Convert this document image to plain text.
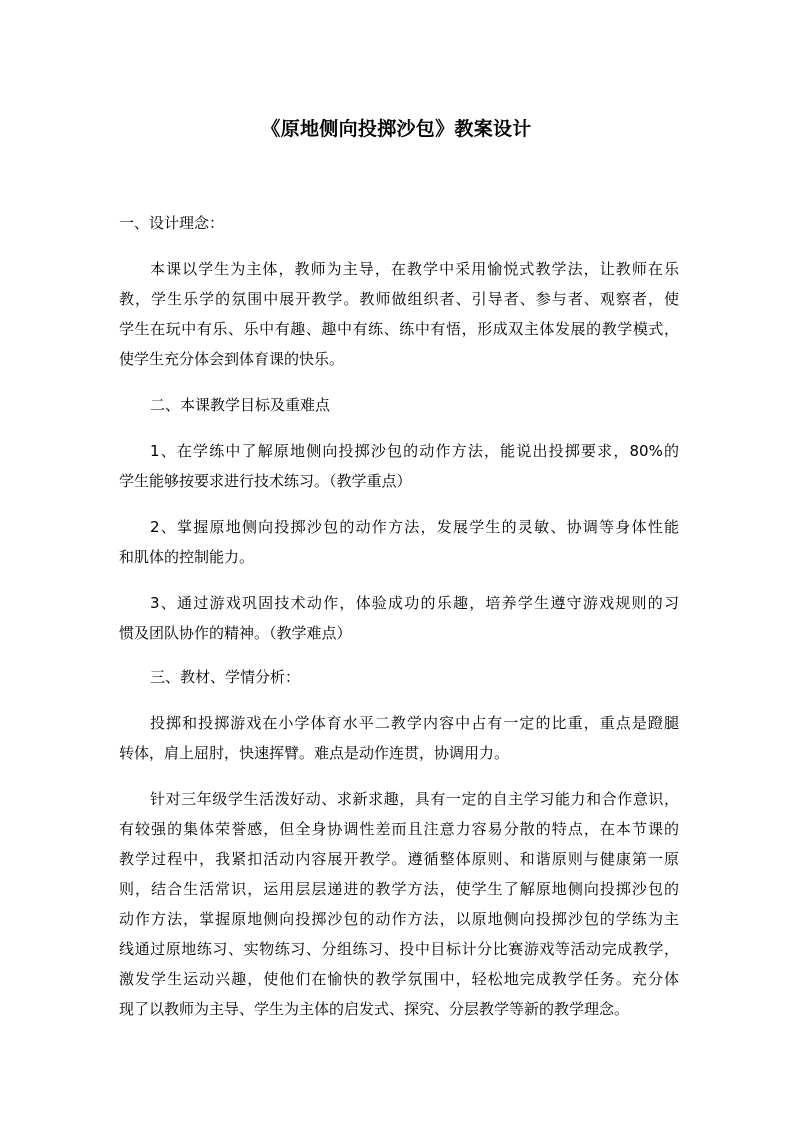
《原地侧向投掷沙包》教案设计
一、设计理念：
本课以学生为主体，教师为主导，在教学中采用愉悦式教学法，让教师在乐
教，学生乐学的氛围中展开教学。教师做组织者、引导者、参与者、观察者，使
学生在玩中有乐、乐中有趣、趣中有练、练中有悟，形成双主体发展的教学模式，
使学生充分体会到体育课的快乐。
二、本课教学目标及重难点
1、在学练中了解原地侧向投掷沙包的动作方法，能说出投掷要求，80%的
学生能够按要求进行技术练习。（教学重点）
2、掌握原地侧向投掷沙包的动作方法，发展学生的灵敏、协调等身体性能
和肌体的控制能力。
3、通过游戏巩固技术动作，体验成功的乐趣，培养学生遵守游戏规则的习
惯及团队协作的精神。（教学难点）
三、教材、学情分析：
投掷和投掷游戏在小学体育水平二教学内容中占有一定的比重，重点是蹬腿
转体，肩上屈肘，快速挥臂。难点是动作连贯，协调用力。
针对三年级学生活泼好动、求新求趣，具有一定的自主学习能力和合作意识，
有较强的集体荣誉感，但全身协调性差而且注意力容易分散的特点，在本节课的
教学过程中，我紧扣活动内容展开教学。遵循整体原则、和谐原则与健康第一原
则，结合生活常识，运用层层递进的教学方法，使学生了解原地侧向投掷沙包的
动作方法，掌握原地侧向投掷沙包的动作方法，以原地侧向投掷沙包的学练为主
线通过原地练习、实物练习、分组练习、投中目标计分比赛游戏等活动完成教学，
激发学生运动兴趣，使他们在愉快的教学氛围中，轻松地完成教学任务。充分体
现了以教师为主导、学生为主体的启发式、探究、分层教学等新的教学理念。
